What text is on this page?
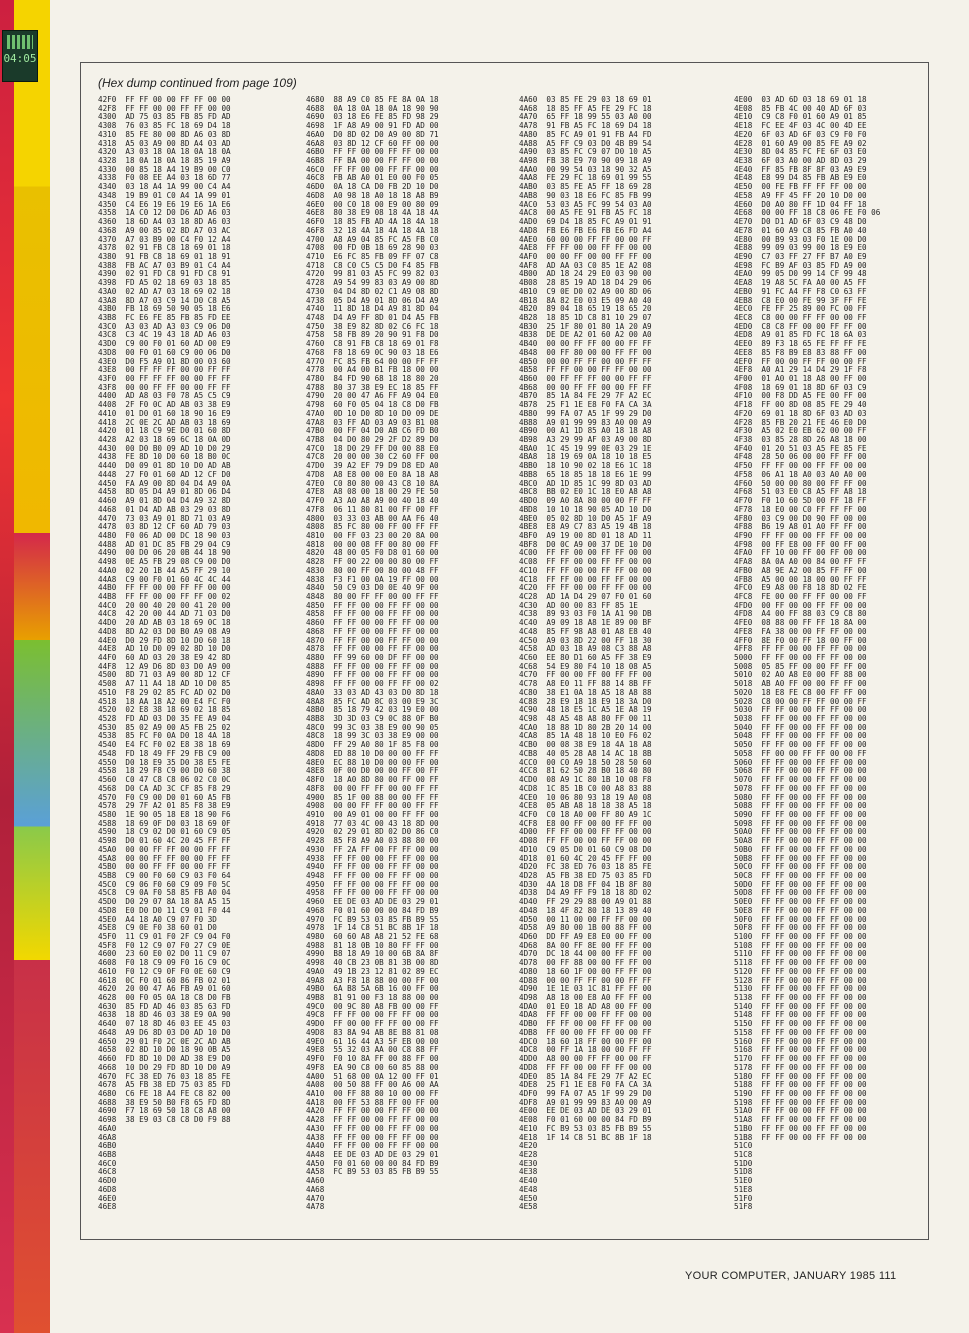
04:05
(Hex dump continued from page 109)
42F0  FF FF 00 00 FF FF 00 00
42F8  FF FF 00 00 FF FF 00 00
4300  AD 75 03 85 FB 85 FD AD
4308  76 03 85 FC 18 69 D4 18
4310  85 FE 80 00 8D A6 03 8D
4318  A5 03 A9 00 8D A4 03 AD
4320  A3 03 18 0A 18 0A 18 0A
4328  18 0A 18 0A 18 85 19 A9
4330  00 85 18 A4 19 B9 00 C0
4338  F0 08 EE A4 03 18 6D 77
4340  03 18 A4 1A 99 00 C4 A4
4348  19 B9 01 C0 A4 1A 99 01
4350  C4 E6 19 E6 19 E6 1A E6
4358  1A C0 12 D0 D6 AD A6 03
4360  18 6D A4 03 18 8D A6 03
4368  A9 00 85 02 8D A7 03 AC
4370  A7 03 B9 00 C4 F0 12 A4
4378  02 91 FB C8 18 69 01 18
4380  91 FB C8 18 69 01 18 91
4388  FB AC A7 03 B9 01 C4 A4
4390  02 91 FD C8 91 FD C8 91
4398  FD A5 02 18 69 03 18 85
43A0  02 AD A7 03 18 69 02 18
43A8  8D A7 03 C9 14 D0 C8 A5
43B0  FB 18 69 50 90 05 18 E6
43B8  FC E6 FE 85 FB 85 FD EE
43C0  A3 03 AD A3 03 C9 06 D0
43C8  C3 4C 19 43 18 AD A6 03
43D0  C9 00 F0 01 60 AD 00 E9
43D8  00 F0 01 60 C9 00 06 D0
43E0  D0 F5 A9 01 8D 00 03 60
43E8  00 FF FF FF 00 00 FF FF
43F0  00 FF FF FF 00 00 FF FF
43F8  00 00 FF FF 00 00 FF FF
4400  AD A8 03 F0 78 A5 C5 C9
4408  2F F0 0C AD AB 03 38 E9
4410  01 D0 01 60 18 90 16 E9
4418  2C 0E 2C AD AB 03 18 69
4420  01 18 C9 9E D0 01 60 8D
4428  A2 03 18 69 6C 18 0A 0D
4430  00 D0 B0 09 AD 10 D0 29
4438  FE 8D 10 D0 60 18 B0 0C
4440  D0 09 01 8D 10 D0 AD AB
4448  27 F0 01 60 AD 12 CF D0
4450  FA A9 00 8D 04 D4 A9 0A
4458  8D 05 D4 A9 01 8D 06 D4
4460  A9 01 8D 04 D4 A9 32 8D
4468  01 D4 AD AB 03 29 03 8D
4470  73 03 A9 01 8D 71 03 A9
4478  03 8D 12 CF 60 AD 79 03
4480  F0 06 AD 00 DC 18 90 03
4488  AD 01 DC 85 FB 29 04 C9
4490  00 D0 06 20 0B 44 18 90
4498  0E A5 FB 29 08 C9 00 D0
44A0  02 20 1B 44 A5 FF 29 10
44A8  C9 00 F0 01 60 4C 4C 44
44B0  FF FF 00 00 FF FF 00 00
44B8  FF FF 00 00 FF FF 00 02
44C0  20 00 40 20 00 41 20 00
44C8  42 20 00 44 AD 71 03 D0
44D0  20 AD AB 03 18 69 0C 18
44D8  8D A2 03 D0 B0 A9 08 A9
44E0  D0 29 FD 8D 10 D0 60 18
44E8  AD 10 D0 09 02 8D 10 D0
44F0  60 AD 03 20 38 E9 42 8D
44F8  12 A9 D6 8D 03 D0 A9 00
4500  8D 71 03 A9 00 8D 12 CF
4508  A7 11 A4 18 AD 10 D0 85
4510  F8 29 02 85 FC AD 02 D0
4518  18 AA 18 A2 00 E4 FC F0
4520  02 E8 38 18 69 02 18 85
4528  FD AD 03 D0 35 FE A9 04
4530  85 02 A9 00 A5 FB 25 02
4538  85 FC F0 0A D0 18 4A 18
4540  E4 FC F0 02 E8 38 18 69
4548  FD 18 49 FF 29 FB C9 00
4550  D0 18 E9 35 D0 38 E5 FE
4558  18 29 F8 C9 00 D0 60 38
4560  C0 47 C8 C8 06 02 C0 0C
4568  D0 CA AD 3C CF 85 F8 29
4570  F0 C9 00 D0 01 60 A5 FB
4578  29 7F A2 01 85 F8 38 E9
4580  1E 90 05 18 E8 18 90 F6
4588  18 69 0F D0 03 18 69 0F
4590  18 C9 02 D0 01 60 C9 05
4598  D0 01 60 4C 20 45 FF FF
45A0  00 00 FF FF 00 00 FF FF
45A8  00 00 FF FF 00 00 FF FF
45B0  00 00 FF FF 00 00 FF FF
45B8  C9 00 F0 60 C9 03 F0 64
45C0  C9 06 F0 60 C9 09 F0 5C
45C8  C9 0A F0 58 85 FB A0 04
45D0  D0 29 07 8A 18 8A A5 15
45D8  E0 D0 D0 11 C9 01 F0 44
45E0  A4 18 A0 C9 07 F0 3D
45E8  C9 0E F0 38 60 01 D0
45F0  11 C9 01 F0 2F C9 04 F0
45F8  F0 12 C9 07 F0 27 C9 0E
4600  23 60 E0 02 D0 11 C9 07
4608  F0 18 C9 09 F0 16 C9 0C
4610  F0 12 C9 0F F0 0E 60 C9
4618  0C F0 01 60 86 FB 02 01
4620  20 00 47 A6 FB A9 01 60
4628  00 F0 05 0A 18 C8 D0 FB
4630  85 FD AD 46 03 85 63 FD
4638  18 8D 46 03 38 E9 0A 90
4640  07 18 8D 46 03 EE 45 03
4648  A9 D6 8D 03 D0 AD 10 D0
4650  29 01 F0 2C 0E 2C AD AB
4658  02 8D 10 D0 18 90 0B A5
4660  FD 8D 10 D0 AD 38 E9 D0
4668  10 D0 29 FD 8D 10 D0 A9
4670  FC 38 ED 76 03 18 85 FE
4678  A5 FB 38 ED 75 03 85 FD
4680  C6 FE 18 A4 FE C8 82 00
4688  38 E9 50 B0 F8 65 FD 8D
4690  F7 18 69 50 18 C8 A8 00
4698  38 E9 03 C8 C8 D0 F9 88
46A0
46A8
46B0
46B8
46C0
46C8
46D0
46D8
46E0
46E8
4680  88 A9 C0 85 FE 8A 0A 18
4688  0A 18 0A 18 0A 18 90 90
4690  03 18 E6 FE 85 FD 98 29
4698  1F A8 A9 00 91 FD AD 00
46A0  D0 8D 02 D0 A9 00 8D 71
46A8  03 8D 12 CF 60 FF 00 00
46B0  FF FF 00 00 FF FF 00 00
46B8  FF BA 00 00 FF FF 00 00
46C0  FF FF 00 00 FF FF 00 00
46C8  FB AB A0 01 E0 00 F0 05
46D0  0A 18 CA D0 FB 2D 10 D0
46D8  A0 98 18 A0 18 18 A8 B9
46E0  00 C0 18 00 E9 00 80 09
46E8  80 38 E9 08 18 4A 18 4A
46F0  18 85 FB AD 4A 18 4A 18
46F8  32 18 4A 18 4A 18 4A 18
4700  A8 A9 04 85 FC A5 FB C0
4708  00 FD 0B 18 69 28 90 03
4710  E6 FC 85 FB 09 FF 07 C8
4718  C8 C0 C5 C5 D0 F4 85 FB
4720  99 81 03 A5 FC 99 82 03
4728  A9 54 99 83 03 A9 00 8D
4730  04 D4 8D 02 C1 A9 08 8D
4738  05 D4 A9 01 8D 06 D4 A9
4740  11 8D 18 D4 A9 81 8D 04
4748  D4 A9 FF 8D 01 D4 A5 FB
4750  38 E9 82 8D 02 C6 FC 18
4758  58 FB 89 20 90 91 F8 D0
4760  C8 91 FB C8 18 69 01 F8
4768  F8 18 69 0C 90 03 18 E6
4770  FC 85 FB 64 00 00 FF FF
4778  00 A4 00 B1 FB 18 00 00
4780  84 FD 90 68 18 18 80 20
4788  80 37 38 E9 EC 18 85 FF
4790  20 00 47 A6 FF A9 04 E0
4798  60 F0 05 04 18 C8 D0 FB
47A0  0D 10 D0 8D 10 D0 09 DE
47A8  03 FF AD 03 A9 03 B1 08
47B0  00 FF 04 D0 AB C6 FD B0
47B8  04 D0 80 29 2F D2 89 D0
47C0  18 D0 29 FF D0 00 88 E0
47C8  20 00 00 30 C2 60 FF 00
47D0  39 A2 EF 79 D9 D8 ED A0
47D8  A8 E8 00 00 E0 8A 18 A8
47E0  C0 80 80 00 43 C8 10 8A
47E8  A8 08 00 18 00 29 FE 50
47F0  A3 A0 A8 A9 00 40 18 40
47F8  06 11 80 81 00 FF 00 FF
4800  03 33 03 AB 00 AA F6 40
4808  85 FC 80 00 FF 00 FF FF
4810  00 FF 03 23 00 20 8A 00
4818  00 00 08 FF 00 80 00 FF
4820  48 00 05 F0 D8 01 60 00
4828  FF 00 22 00 00 80 00 FF
4830  80 00 FF 00 80 00 48 FF
4838  F3 F1 00 0A 19 FF 00 00
4840  50 C9 03 D0 0E 40 9F 00
4848  80 00 FF FF 00 00 FF FF
4850  FF FF 00 00 FF FF 00 00
4858  FF FF 00 00 FF FF 00 00
4860  FF FF 00 00 FF FF 00 00
4868  FF FF 00 00 FF FF 00 00
4870  FF FF 00 00 FF FF 00 00
4878  FF FF 00 00 FF FF 00 00
4880  FF 99 60 00 DF FF 00 00
4888  FF FF 00 00 FF FF 00 00
4890  FF FF 00 00 FF FF 00 00
4898  FF FF 00 00 FF FF 00 02
48A0  33 03 AD 43 03 D0 8D 18
48A8  85 FC AD 8C 03 00 E9 3C
48B0  85 18 79 42 03 19 E0 00
48B8  3D 3D 03 C9 0C 88 0F B0
48C0  99 3C 03 38 E9 00 90 05
48C8  18 99 3C 03 38 E9 00 00
48D0  FF 29 A0 80 1F 85 F8 00
48D8  ED 88 10 D0 00 00 FF FF
48E0  EC 88 10 D0 00 00 FF 00
48E8  0F 00 D0 00 00 FF 00 FF
48F0  18 A0 8D 80 00 FF 00 FF
48F8  00 00 FF FF 00 00 FF FF
4900  85 1F 00 88 00 00 FF FF
4908  00 00 FF FF 00 00 FF FF
4910  00 A9 01 00 00 FF FF 00
4918  77 03 4C 00 43 18 8D 00
4920  02 29 01 8D 02 D0 86 C0
4928  85 F8 A9 A0 03 88 80 00
4930  FF 2A FF 00 FF FF 00 00
4938  FF FF 00 00 FF FF 00 00
4940  FF FF 00 00 FF FF 00 00
4948  FF FF 00 00 FF FF 00 00
4950  FF FF 00 00 FF FF 00 00
4958  FF FF 00 00 FF FF 00 00
4960  EE DE 03 AD DE 03 29 01
4968  F0 01 60 00 00 84 FD B9
4970  FC B9 53 03 85 FB B9 55
4978  1F 14 C8 51 BC 8B 1F 18
4980  60 60 A8 A8 21 52 FE 68
4988  81 18 0B 10 80 FF FF 00
4990  B8 18 A9 10 00 6B 8A 8F
4998  40 CB 23 0B 81 3B 00 8D
49A0  49 1B 23 12 81 02 89 EC
49A8  A3 F8 18 88 00 00 FF 00
49B0  6A B8 5A 6B 16 00 FF 00
49B8  81 91 00 F3 18 88 00 00
49C0  00 9C 80 A8 FB 00 00 FF
49C8  FF FF 00 00 FF FF 00 00
49D0  FF 00 00 FF FF 00 00 FF
49D8  83 8A 94 AB 8E B8 81 08
49E0  61 16 44 A3 5F EB 00 00
49E8  55 32 03 AA 00 C8 88 FF
49F0  F0 10 8A FF 00 88 FF 00
49F8  EA 90 C8 00 60 85 88 00
4A00  51 68 00 0A 12 00 FF 01
4A08  00 50 88 FF 00 A6 00 AA
4A10  00 FF 88 80 10 00 00 FF
4A18  00 FF 53 88 FF 00 FF 00
4A20  FF FF 00 00 FF FF 00 00
4A28  FF FF 00 00 FF FF 00 00
4A30  FF FF 00 00 FF FF 00 00
4A38  FF FF 00 00 FF FF 00 00
4A40  FF FF 00 00 FF FF 00 00
4A48  EE DE 03 AD DE 03 29 01
4A50  F0 01 60 00 00 84 FD B9
4A58  FC B9 53 03 85 FB B9 55
4A60
4A68
4A70
4A78
4A60  03 85 FE 29 03 18 69 01
4A68  18 85 FF A5 FE 29 FC 18
4A70  65 FF 18 99 55 03 A0 00
4A78  91 FB A5 FC 18 69 D4 18
4A80  85 FC A9 01 91 FB A4 FD
4A88  A5 FF C9 03 D0 4B B9 54
4A90  03 85 FC C9 07 D0 10 A5
4A98  FB 38 E9 70 90 09 18 A9
4AA0  00 99 54 03 18 90 32 A5
4AA8  FE 29 FC 18 69 01 99 55
4AB0  03 85 FE A5 FF 18 69 28
4AB8  90 03 18 E6 FC 85 FB 99
4AC0  53 03 A5 FC 99 54 03 A0
4AC8  00 A5 FE 91 FB A5 FC 18
4AD0  69 D4 18 85 FC A9 01 91
4AD8  FB E6 FB E6 FB E6 FD A4
4AE0  60 00 00 FF FF 00 00 FF
4AE8  FF FF 00 00 FF FF 00 00
4AF0  00 00 FF 00 00 FF FF 00
4AF8  AD AA 03 C0 85 1E A2 08
4B00  AD 18 24 29 E0 03 90 00
4B08  28 85 19 AD 18 D4 29 06
4B10  C9 0E D0 02 A9 00 8D 06
4B18  8A 82 E0 03 E5 09 A0 40
4B20  89 04 18 65 19 18 65 20
4B28  18 85 1D C8 81 10 29 07
4B30  25 1F 80 01 80 1A 20 A9
4B38  DE DE A2 01 60 A2 00 A0
4B40  00 00 FF FF 00 00 FF FF
4B48  00 FF 80 00 00 FF FF 00
4B50  00 00 FF FF 00 00 FF FF
4B58  FF FF 00 00 FF FF 00 00
4B60  00 FF FF FF 00 00 FF FF
4B68  00 00 FF FF 00 00 FF FF
4B70  85 1A 84 FE 29 7F A2 EC
4B78  25 F1 1E E8 F0 FA CA 3A
4B80  99 FA 07 A5 1F 99 29 D0
4B88  A9 01 99 99 83 A0 00 A9
4B90  00 A1 1D 85 A0 18 18 A8
4B98  A3 29 99 AF 03 A9 00 8D
4BA0  1C 45 19 99 0E 03 29 1E
4BA8  18 19 69 0A 18 10 18 E5
4BB0  18 10 90 02 18 E6 1C 18
4BB8  65 18 85 18 18 E6 1E 99
4BC0  AD 1D 85 1C 99 8D 03 AD
4BC8  BB 02 E0 1C 18 E0 A8 A8
4BD0  09 A0 8A 80 00 00 FF FF
4BD8  10 10 18 90 05 AD 10 D0
4BE0  05 02 8D 10 D0 A5 1F A9
4BE8  E8 A9 C7 83 A5 19 4B 18
4BF0  A9 19 00 8D 01 18 AD 11
4BF8  D0 0C A9 00 37 DE 10 D0
4C00  FF FF 00 00 FF FF 00 00
4C08  FF FF 00 00 FF FF 00 00
4C10  FF FF 00 00 FF FF 00 00
4C18  FF FF 00 00 FF FF 00 00
4C20  FF FF 00 00 FF FF 00 00
4C28  AD 1A D4 29 07 F0 01 60
4C30  AD 00 00 83 FF 85 1E
4C38  89 93 03 F0 1A A1 90 DB
4C40  A9 09 18 A8 1E 89 00 BF
4C48  85 FF 98 A8 01 A8 E8 40
4C50  A9 03 8D 22 00 FF 18 30
4C58  AD 03 18 A9 08 C3 88 A8
4C60  EE 80 D1 60 A5 FF 38 E9
4C68  54 E9 80 F4 10 18 08 A5
4C70  FF 00 00 FF 00 FF FF 00
4C78  A8 E0 11 FF 88 14 8B FF
4C80  38 E1 0A 18 A5 18 A8 88
4C88  28 E9 18 18 E9 18 3A D0
4C90  48 18 E5 1C A5 1E A8 19
4C98  48 A5 48 A8 80 FF 00 11
4CA0  18 88 1D 80 2B 20 14 00
4CA8  85 1A 48 18 10 E0 F6 02
4CB0  00 08 38 E9 18 4A 18 A8
4CB8  40 05 28 A8 14 AC 18 8B
4CC0  00 C0 A9 18 50 28 50 60
4CC8  81 62 50 28 B0 18 40 80
4CD0  08 A9 1C 80 1B 10 08 F8
4CD8  1C 85 1B C0 00 A8 83 88
4CE0  10 06 80 93 18 19 A0 08
4CE8  05 AB A8 18 18 38 A5 18
4CF0  C0 18 A0 00 FF 80 A9 1C
4CF8  E8 00 FF 00 00 FF FF 00
4D00  FF FF 00 00 FF FF 00 00
4D08  FF FF 00 00 FF FF 00 00
4D10  C9 05 D0 01 60 C9 08 D0
4D18  01 60 4C 20 45 FF FF 00
4D20  FC 38 ED 76 03 18 85 FE
4D28  A5 FB 38 ED 75 03 85 FD
4D30  4A 18 D8 FF 04 1B 8F 80
4D38  D4 A9 FF F9 18 18 8D 02
4D40  FF 29 29 88 00 A9 01 88
4D48  18 4F 82 80 18 13 89 40
4D50  00 11 00 00 FF FF 00 00
4D58  A9 80 00 1B 00 88 FF 00
4D60  DD FF A9 E8 E0 00 FF 00
4D68  8A 00 FF 8E 00 FF FF 00
4D70  DC 18 44 00 00 FF FF 00
4D78  00 FF 88 00 00 FF FF 00
4D80  18 60 1F 00 00 FF FF 00
4D88  00 00 FF FF 00 00 FF FF
4D90  1E 1E 03 1C 81 FF FF 00
4D98  A8 18 00 E8 A0 FF FF 00
4DA0  01 E0 18 AD A8 00 FF 00
4DA8  FF FF 00 00 FF FF 00 00
4DB0  FF FF 00 00 FF FF 00 00
4DB8  FF 00 00 FF FF 00 00 FF
4DC0  18 60 18 FF 00 00 FF 00
4DC8  00 FF 1A 18 00 00 FF FF
4DD0  A8 00 00 FF FF 00 00 FF
4DD8  FF FF 00 00 FF FF 00 00
4DE0  85 1A 84 FE 29 7F A2 EC
4DE8  25 F1 1E E8 F0 FA CA 3A
4DF0  99 FA 07 A5 1F 99 29 D0
4DF8  A9 01 99 99 83 A0 00 A9
4E00  EE DE 03 AD DE 03 29 01
4E08  F0 01 60 00 00 84 FD B9
4E10  FC B9 53 03 85 FB B9 55
4E18  1F 14 C8 51 BC 8B 1F 18
4E20
4E28
4E30
4E38
4E40
4E48
4E50
4E58
4E00  03 AD 6D 03 18 69 01 18
4E08  85 FB 4C 00 40 AD 6F 03
4E10  C9 C8 F0 01 60 A9 01 85
4E18  FC EE 4F 03 4C 00 4D EE
4E20  6F 03 AD 6F 03 C9 F0 F0
4E28  01 60 A9 00 85 FE A9 02
4E30  8D 04 85 FC FE 6F 03 E0
4E38  6F 03 A0 00 AD 8D 03 29
4E40  FF 85 FB 8F 8F 03 A9 E9
4E48  E8 99 D4 85 FB AB E9 E0
4E50  00 FE FB FF FF FF 00 00
4E58  A9 FF 45 FF 20 10 D0 00
4E60  D0 A0 80 FF 1D 04 FF 18
4E68  00 00 FF 18 C8 06 FE F0 06
4E70  D0 D1 AD 6F 03 C9 48 D0
4E78  01 60 A9 C8 85 FB A0 40
4E80  00 B9 93 03 F0 1E 00 D0
4E88  99 09 03 99 00 18 E9 E0
4E90  C7 03 FF 27 FF B7 A0 E9
4E98  FC B9 AF 03 85 FD A9 00
4EA0  99 05 D0 99 14 CF 99 48
4EA8  19 A8 5C FA A0 00 A5 FF
4EB0  91 FC A4 FF F8 C0 63 FF
4EB8  C8 E0 00 FE 99 3F FF FE
4EC0  FE FF 25 89 00 FC 00 FF
4EC8  C8 00 00 FF FF 00 00 FF
4ED0  C8 C8 FF 00 00 FF FF 00
4ED8  A9 01 85 FD FC 18 6A 03
4EE0  89 F3 18 65 FE FF FF FE
4EE8  85 F8 B9 E8 83 88 FF 00
4EF0  FF 00 00 FF FF 00 00 FF
4EF8  A0 A1 29 14 D4 29 1F F8
4F00  01 A0 01 18 A8 00 FF 00
4F08  18 69 01 18 8D 6F 03 C9
4F10  00 F8 DD A5 FE 00 FF 00
4F18  FF 00 8D 08 85 FE 29 40
4F20  69 01 18 8D 6F 03 AD 03
4F28  85 FB 20 21 FE 46 E0 D0
4F30  A5 02 E0 EB 62 00 00 FF
4F38  03 85 28 8D 26 A8 18 00
4F40  01 20 51 03 A5 FE 85 FE
4F48  28 50 06 00 00 FF FF 00
4F50  FF FF 00 00 FF FF 00 00
4F58  06 A1 18 A0 03 A0 A0 00
4F60  50 00 00 80 00 FF FF 00
4F68  51 03 E0 C8 A5 FF A8 18
4F70  F0 10 60 5D 00 FF 18 FF
4F78  18 E0 00 C0 FF FF FF 00
4F80  03 C9 00 D0 90 FF 00 00
4F88  B6 19 A8 01 A0 FF FF 00
4F90  FF FF 00 00 FF FF 00 00
4F98  00 FF E8 00 FF 00 FF 00
4FA0  FF 10 00 FF 00 FF 00 00
4FA8  8A 0A A0 00 84 00 FF FF
4FB0  A8 9E A2 00 85 FF FF 00
4FB8  A5 00 00 18 00 00 FF FF
4FC0  E9 A8 00 F8 18 8D 02 FE
4FC8  FE 00 00 FF FF 00 00 FF
4FD0  00 FF 00 00 FF FF 00 00
4FD8  A4 00 FF 88 03 C9 C8 80
4FE0  08 88 00 FF FF 18 8A 00
4FE8  FA 38 00 00 FF FF 00 00
4FF0  8E F0 00 FF 18 00 FF 00
4FF8  FF FF 00 00 FF FF 00 00
5000  FF FF 00 00 FF FF 00 00
5008  05 85 FF 00 00 FF FF 00
5010  02 A0 A8 E0 00 FF 88 00
5018  AB A0 FF 00 00 FF FF 00
5020  18 E8 FE C8 00 FF FF 00
5028  C8 00 00 FF FF 00 00 FF
5030  FF FF 00 00 FF FF 00 00
5038  FF FF 00 00 FF FF 00 00
5040  FF FF 00 00 FF FF 00 00
5048  FF FF 00 00 FF FF 00 00
5050  FF FF 00 00 FF FF 00 00
5058  FF 00 00 FF FF 00 00 FF
5060  FF FF 00 00 FF FF 00 00
5068  FF FF 00 00 FF FF 00 00
5070  FF FF 00 00 FF FF 00 00
5078  FF FF 00 00 FF FF 00 00
5080  FF FF 00 00 FF FF 00 00
5088  FF FF 00 00 FF FF 00 00
5090  FF FF 00 00 FF FF 00 00
5098  FF FF 00 00 FF FF 00 00
50A0  FF FF 00 00 FF FF 00 00
50A8  FF FF 00 00 FF FF 00 00
50B0  FF FF 00 00 FF FF 00 00
50B8  FF FF 00 00 FF FF 00 00
50C0  FF FF 00 00 FF FF 00 00
50C8  FF FF 00 00 FF FF 00 00
50D0  FF FF 00 00 FF FF 00 00
50D8  FF FF 00 00 FF FF 00 00
50E0  FF FF 00 00 FF FF 00 00
50E8  FF FF 00 00 FF FF 00 00
50F0  FF FF 00 00 FF FF 00 00
50F8  FF FF 00 00 FF FF 00 00
5100  FF FF 00 00 FF FF 00 00
5108  FF FF 00 00 FF FF 00 00
5110  FF FF 00 00 FF FF 00 00
5118  FF FF 00 00 FF FF 00 00
5120  FF FF 00 00 FF FF 00 00
5128  FF FF 00 00 FF FF 00 00
5130  FF FF 00 00 FF FF 00 00
5138  FF FF 00 00 FF FF 00 00
5140  FF FF 00 00 FF FF 00 00
5148  FF FF 00 00 FF FF 00 00
5150  FF FF 00 00 FF FF 00 00
5158  FF FF 00 00 FF FF 00 00
5160  FF FF 00 00 FF FF 00 00
5168  FF FF 00 00 FF FF 00 00
5170  FF FF 00 00 FF FF 00 00
5178  FF FF 00 00 FF FF 00 00
5180  FF FF 00 00 FF FF 00 00
5188  FF FF 00 00 FF FF 00 00
5190  FF FF 00 00 FF FF 00 00
5198  FF FF 00 00 FF FF 00 00
51A0  FF FF 00 00 FF FF 00 00
51A8  FF FF 00 00 FF FF 00 00
51B0  FF FF 00 00 FF FF 00 00
51B8  FF FF 00 00 FF FF 00 00
51C0
51C8
51D0
51D8
51E0
51E8
51F0
51F8
YOUR COMPUTER, JANUARY 1985 111
